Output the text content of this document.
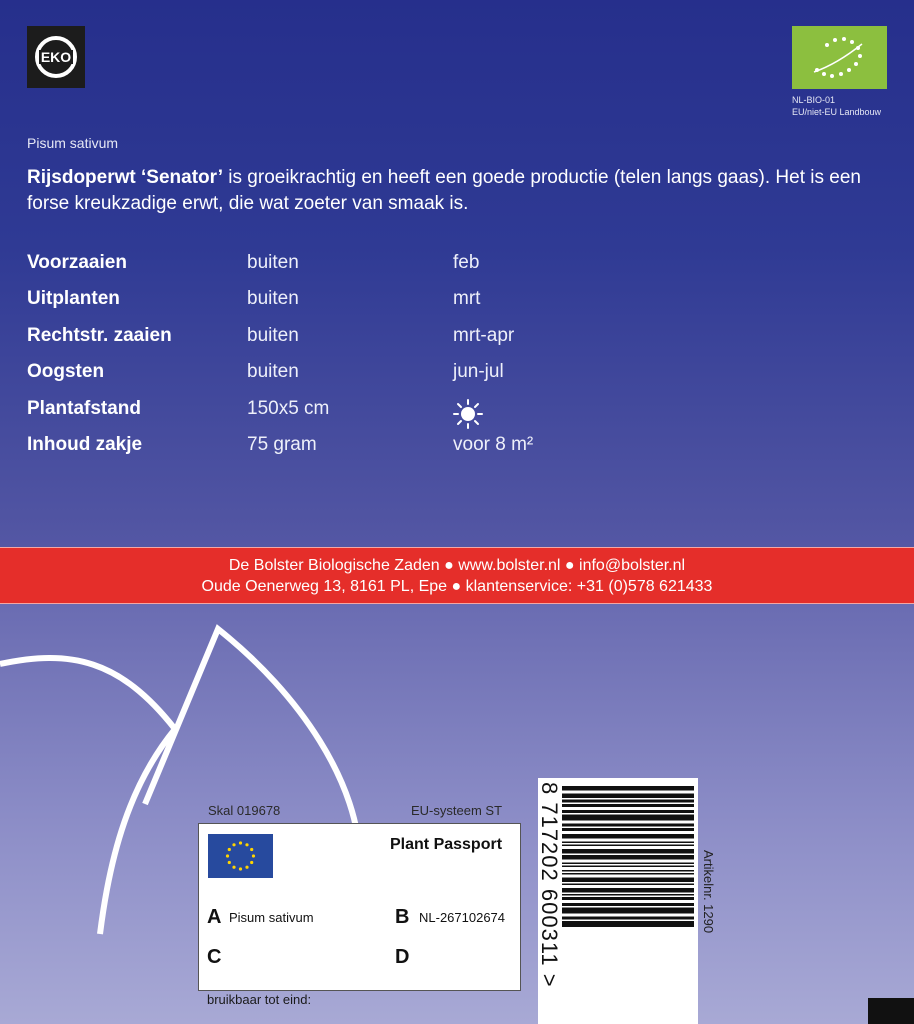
EKO
NL-BIO-01
EU/niet-EU Landbouw
Pisum sativum
Rijsdoperwt ‘Senator’ is groeikrachtig en heeft een goede productie (telen langs gaas). Het is een forse kreukzadige erwt, die wat zoeter van smaak is.
Voorzaaien	buiten	feb
Uitplanten	buiten	mrt
Rechtstr. zaaien	buiten	mrt-apr
Oogsten	buiten	jun-jul
Plantafstand	150x5 cm
Inhoud zakje	75 gram	voor 8 m²
De Bolster Biologische Zaden ● www.bolster.nl ● info@bolster.nl
Oude Oenerweg 13, 8161 PL, Epe ● klantenservice: +31 (0)578 621433
Skal 019678	EU-systeem ST
Plant Passport
A Pisum sativum	B NL-267102674
C	D
bruikbaar tot eind:
8 717202 600311 >	Artikelnr. 1290
